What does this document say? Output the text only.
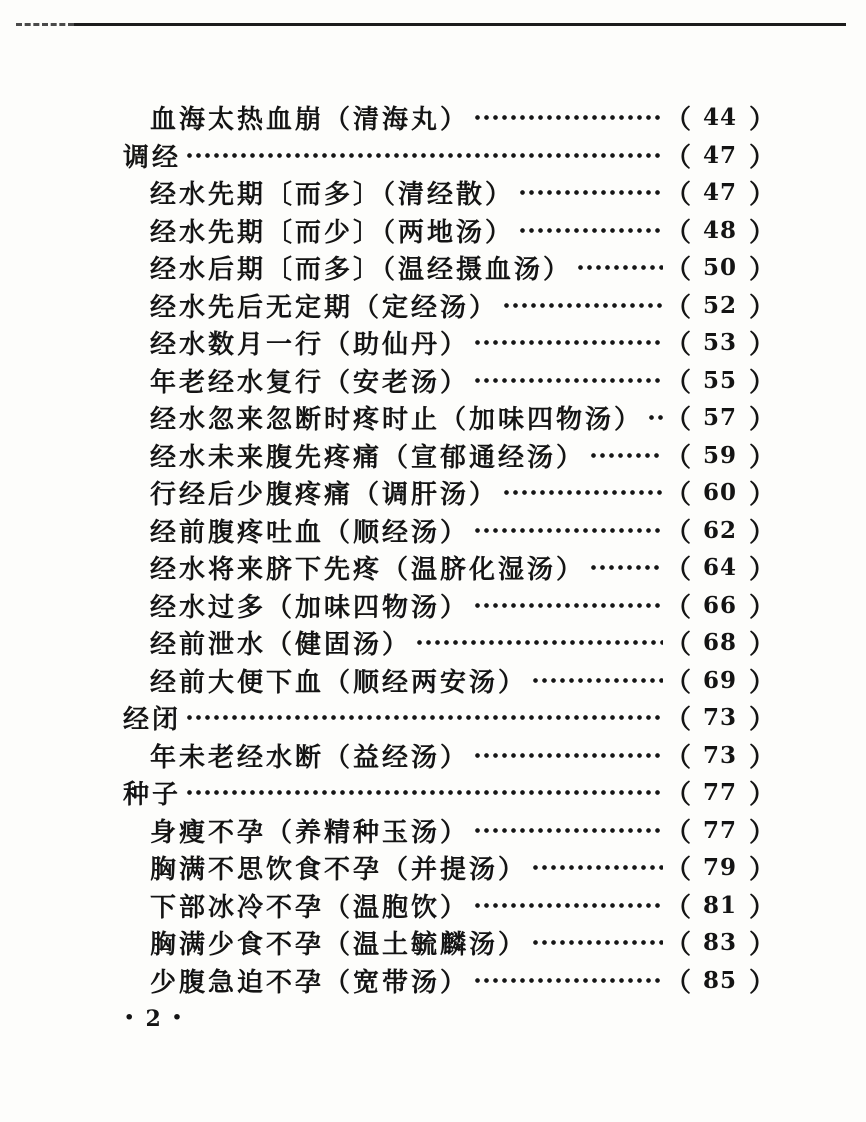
血海太热血崩（清海丸）	（ 44 ）
调经	（ 47 ）
经水先期〔而多〕（清经散）	（ 47 ）
经水先期〔而少〕（两地汤）	（ 48 ）
经水后期〔而多〕（温经摄血汤）	（ 50 ）
经水先后无定期（定经汤）	（ 52 ）
经水数月一行（助仙丹）	（ 53 ）
年老经水复行（安老汤）	（ 55 ）
经水忽来忽断时疼时止（加味四物汤） （ 57 ）
经水未来腹先疼痛（宣郁通经汤）	（ 59 ）
行经后少腹疼痛（调肝汤）	（ 60 ）
经前腹疼吐血（顺经汤）	（ 62 ）
经水将来脐下先疼（温脐化湿汤）	（ 64 ）
经水过多（加味四物汤）	（ 66 ）
经前泄水（健固汤）	（ 68 ）
经前大便下血（顺经两安汤）	（ 69 ）
经闭	（ 73 ）
年未老经水断（益经汤）	（ 73 ）
种子	（ 77 ）
身瘦不孕（养精种玉汤）	（ 77 ）
胸满不思饮食不孕（并提汤）	（ 79 ）
下部冰冷不孕（温胞饮）	（ 81 ）
胸满少食不孕（温土毓麟汤）	（ 83 ）
少腹急迫不孕（宽带汤）	（ 85 ）
· 2 ·
